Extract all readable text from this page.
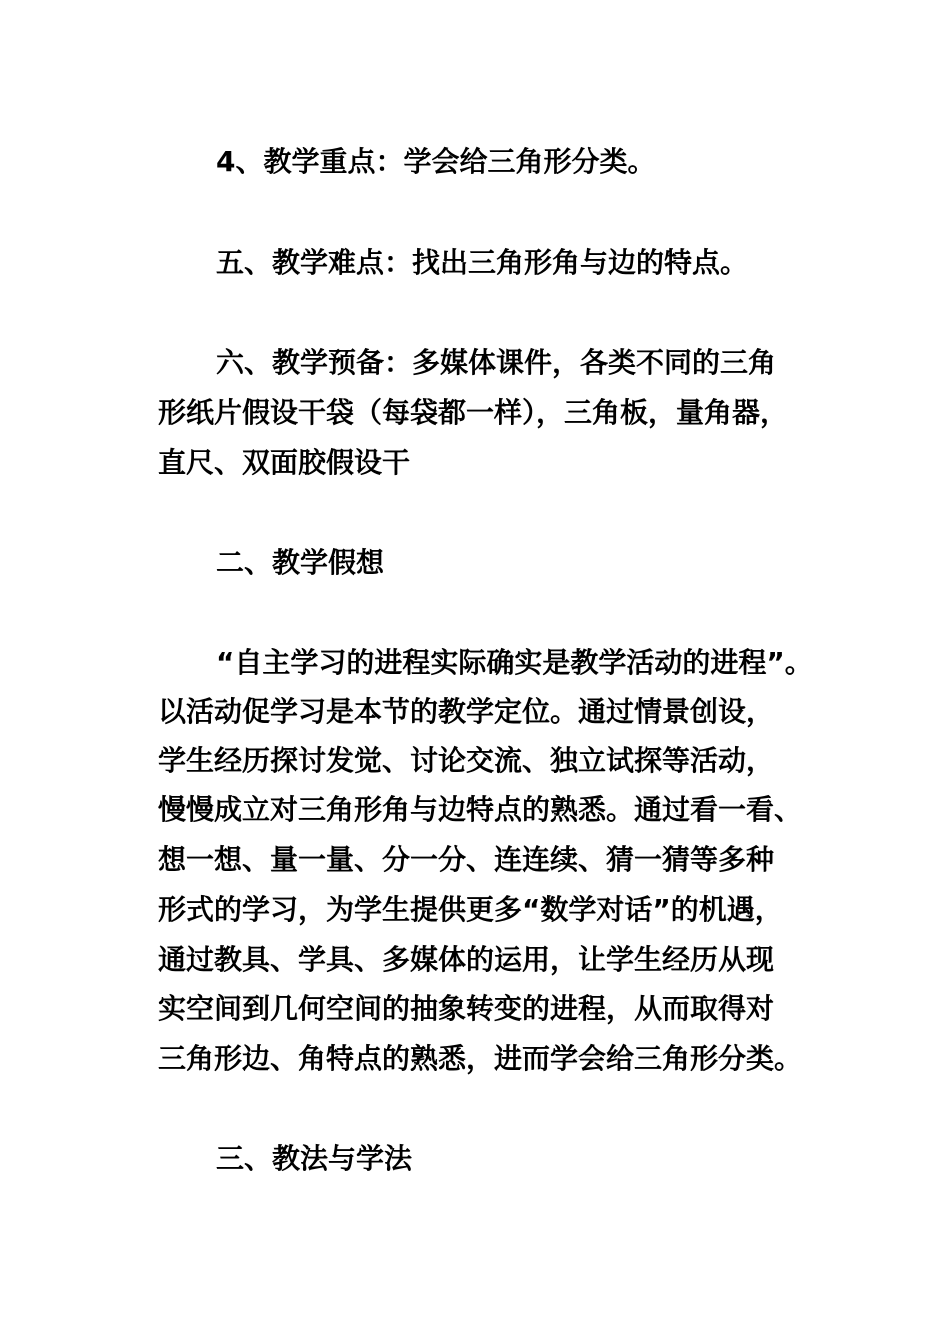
4、教学重点：学会给三角形分类。
五、教学难点：找出三角形角与边的特点。
六、教学预备：多媒体课件，各类不同的三角
形纸片假设干袋（每袋都一样），三角板，量角器，
直尺、双面胶假设干
二、教学假想
“自主学习的进程实际确实是教学活动的进程”。
以活动促学习是本节的教学定位。通过情景创设，
学生经历探讨发觉、讨论交流、独立试探等活动，
慢慢成立对三角形角与边特点的熟悉。通过看一看、
想一想、量一量、分一分、连连续、猜一猜等多种
形式的学习，为学生提供更多“数学对话”的机遇，
通过教具、学具、多媒体的运用，让学生经历从现
实空间到几何空间的抽象转变的进程，从而取得对
三角形边、角特点的熟悉，进而学会给三角形分类。
三、教法与学法
